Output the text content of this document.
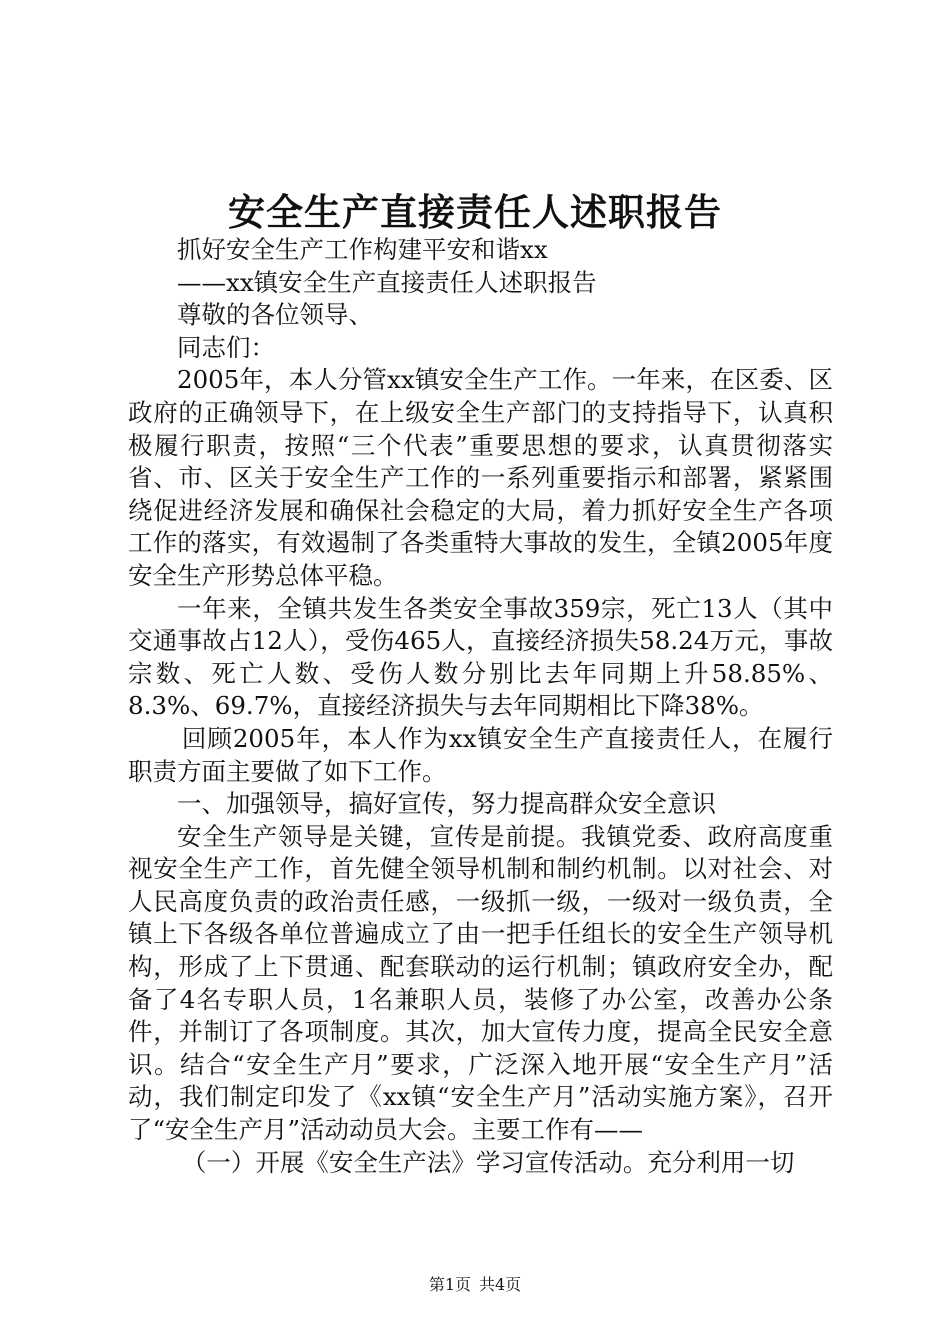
安全生产直接责任人述职报告

抓好安全生产工作构建平安和谐xx

——xx镇安全生产直接责任人述职报告

尊敬的各位领导、

同志们：

2005年，本人分管xx镇安全生产工作。一年来，在区委、区政府的正确领导下，在上级安全生产部门的支持指导下，认真积极履行职责，按照“三个代表”重要思想的要求，认真贯彻落实省、市、区关于安全生产工作的一系列重要指示和部署，紧紧围绕促进经济发展和确保社会稳定的大局，着力抓好安全生产各项工作的落实，有效遏制了各类重特大事故的发生，全镇2005年度安全生产形势总体平稳。

一年来，全镇共发生各类安全事故359宗，死亡13人（其中交通事故占12人），受伤465人，直接经济损失58.24万元，事故宗数、死亡人数、受伤人数分别比去年同期上升58.85%、8.3%、69.7%，直接经济损失与去年同期相比下降38%。

回顾2005年，本人作为xx镇安全生产直接责任人，在履行职责方面主要做了如下工作。

一、加强领导，搞好宣传，努力提高群众安全意识

安全生产领导是关键，宣传是前提。我镇党委、政府高度重视安全生产工作，首先健全领导机制和制约机制。以对社会、对人民高度负责的政治责任感，一级抓一级，一级对一级负责，全镇上下各级各单位普遍成立了由一把手任组长的安全生产领导机构，形成了上下贯通、配套联动的运行机制；镇政府安全办，配备了4名专职人员，1名兼职人员，装修了办公室，改善办公条件，并制订了各项制度。其次，加大宣传力度，提高全民安全意识。结合“安全生产月”要求，广泛深入地开展“安全生产月”活动，我们制定印发了《xx镇“安全生产月”活动实施方案》，召开了“安全生产月”活动动员大会。主要工作有——

（一）开展《安全生产法》学习宣传活动。充分利用一切

第1页 共4页
